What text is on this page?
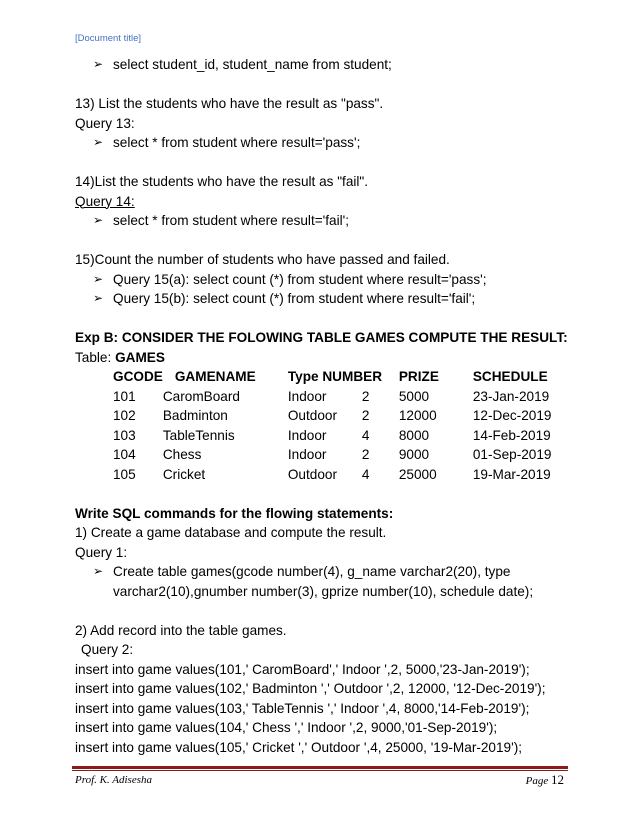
[Document title]
➢ select student_id, student_name from student;
13) List the students who have the result as "pass".
Query 13:
➢ select * from student where result='pass';
14)List the students who have the result as "fail".
Query 14:
➢ select * from student where result='fail';
15)Count the number of students who have passed and failed.
➢ Query 15(a): select count (*) from student where result='pass';
➢ Query 15(b): select count (*) from student where result='fail';
Exp B: CONSIDER THE FOLOWING TABLE GAMES COMPUTE THE RESULT:
Table: GAMES
GCODE	GAMENAME	Type NUMBER		PRIZE	SCHEDULE
101	CaromBoard	Indoor	2	5000	23-Jan-2019
102	Badminton	Outdoor	2	12000	12-Dec-2019
103	TableTennis	Indoor	4	8000	14-Feb-2019
104	Chess	Indoor	2	9000	01-Sep-2019
105	Cricket	Outdoor	4	25000	19-Mar-2019
Write SQL commands for the flowing statements:
1) Create a game database and compute the result.
Query 1:
➢ Create table games(gcode number(4), g_name varchar2(20), type
varchar2(10),gnumber number(3), gprize number(10), schedule date);
2) Add record into the table games.
Query 2:
insert into game values(101,' CaromBoard',' Indoor ',2, 5000,'23-Jan-2019');
insert into game values(102,' Badminton ',' Outdoor ',2, 12000, '12-Dec-2019');
insert into game values(103,' TableTennis ',' Indoor ',4, 8000,'14-Feb-2019');
insert into game values(104,' Chess ',' Indoor ',2, 9000,'01-Sep-2019');
insert into game values(105,' Cricket ',' Outdoor ',4, 25000, '19-Mar-2019');
Prof. K. Adisesha	Page 12
